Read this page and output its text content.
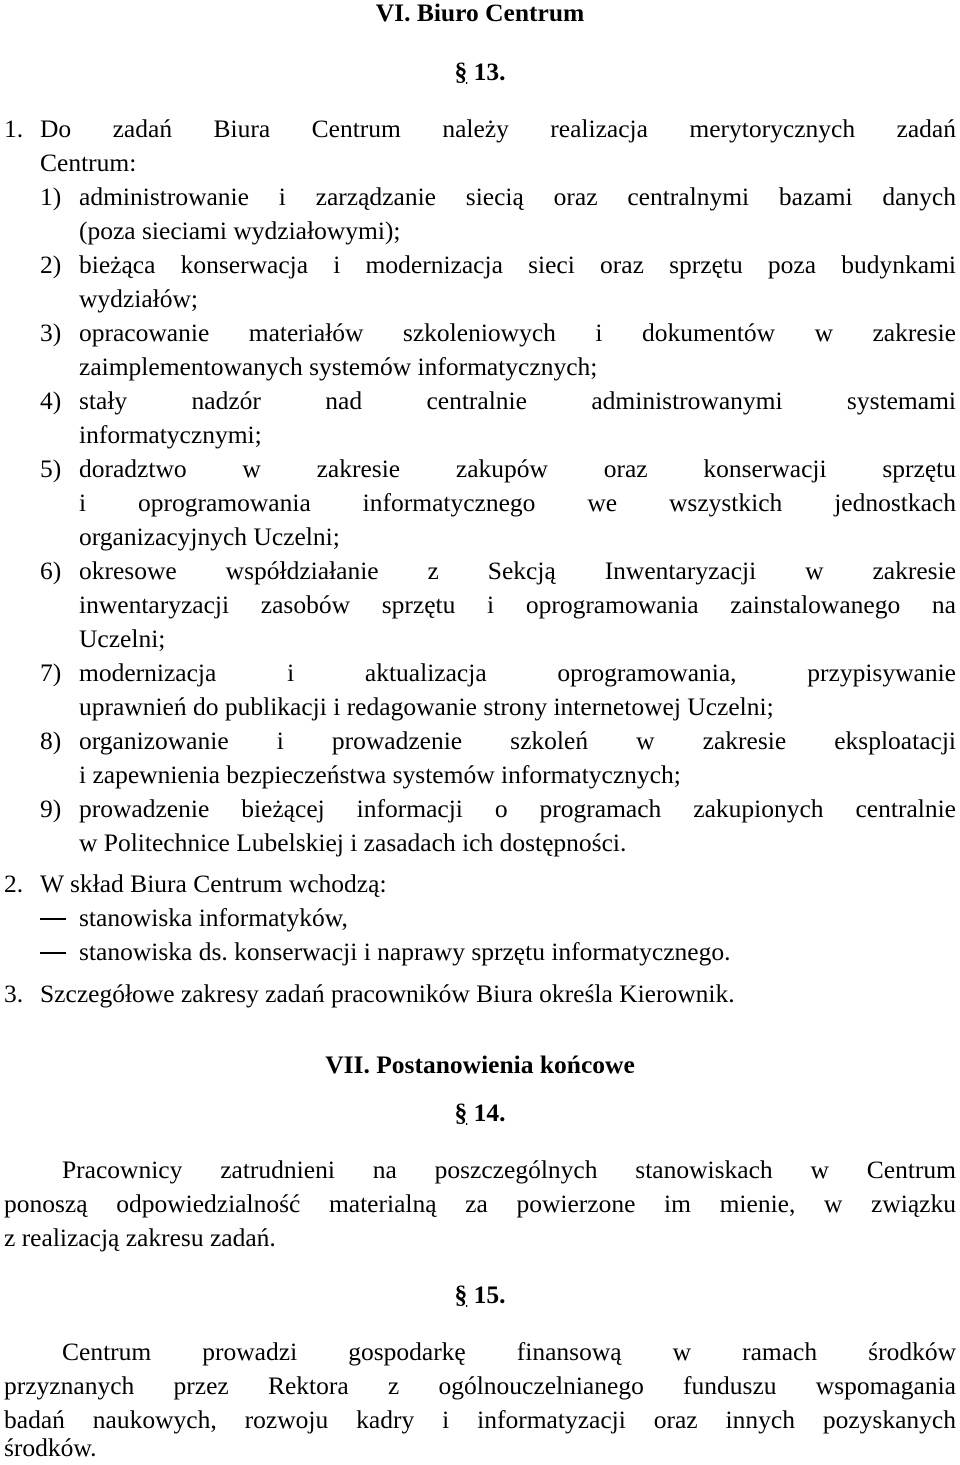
VI. Biuro Centrum
§ 13.
1. Do zadań Biura Centrum należy realizacja merytorycznych zadań
Centrum:
1) administrowanie i zarządzanie siecią oraz centralnymi bazami danych
(poza sieciami wydziałowymi);
2) bieżąca konserwacja i modernizacja sieci oraz sprzętu poza budynkami
wydziałów;
3) opracowanie materiałów szkoleniowych i dokumentów w zakresie
zaimplementowanych systemów informatycznych;
4) stały nadzór nad centralnie administrowanymi systemami
informatycznymi;
5) doradztwo w zakresie zakupów oraz konserwacji sprzętu
i oprogramowania informatycznego we wszystkich jednostkach
organizacyjnych Uczelni;
6) okresowe współdziałanie z Sekcją Inwentaryzacji w zakresie
inwentaryzacji zasobów sprzętu i oprogramowania zainstalowanego na
Uczelni;
7) modernizacja i aktualizacja oprogramowania, przypisywanie
uprawnień do publikacji i redagowanie strony internetowej Uczelni;
8) organizowanie i prowadzenie szkoleń w zakresie eksploatacji
i zapewnienia bezpieczeństwa systemów informatycznych;
9) prowadzenie bieżącej informacji o programach zakupionych centralnie
w Politechnice Lubelskiej i zasadach ich dostępności.
2. W skład Biura Centrum wchodzą:
stanowiska informatyków,
stanowiska ds. konserwacji i naprawy sprzętu informatycznego.
3. Szczegółowe zakresy zadań pracowników Biura określa Kierownik.
VII. Postanowienia końcowe
§ 14.
Pracownicy zatrudnieni na poszczególnych stanowiskach w Centrum
ponoszą odpowiedzialność materialną za powierzone im mienie, w związku
z realizacją zakresu zadań.
§ 15.
Centrum prowadzi gospodarkę finansową w ramach środków
przyznanych przez Rektora z ogólnouczelnianego funduszu wspomagania
badań naukowych, rozwoju kadry i informatyzacji oraz innych pozyskanych
środków.
